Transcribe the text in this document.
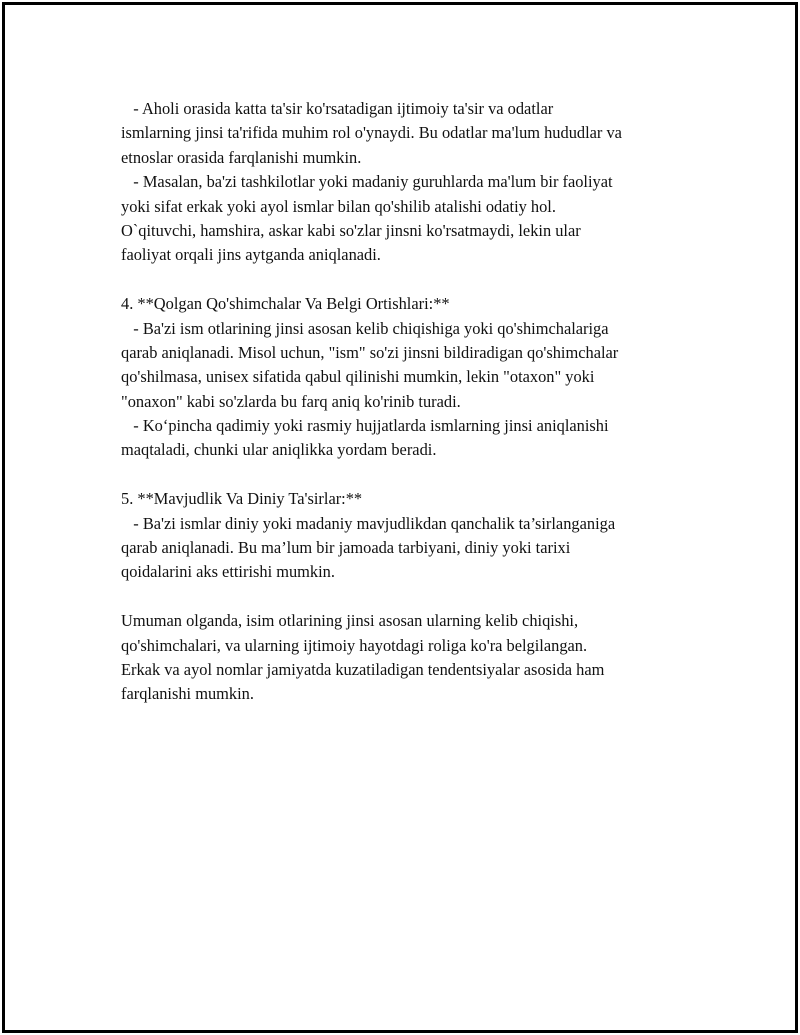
- Aholi orasida katta ta'sir ko'rsatadigan ijtimoiy ta'sir va odatlar
ismlarning jinsi ta'rifida muhim rol o'ynaydi. Bu odatlar ma'lum hududlar va
etnoslar orasida farqlanishi mumkin.
- Masalan, ba'zi tashkilotlar yoki madaniy guruhlarda ma'lum bir faoliyat
yoki sifat erkak yoki ayol ismlar bilan qo'shilib atalishi odatiy hol.
O`qituvchi, hamshira, askar kabi so'zlar jinsni ko'rsatmaydi, lekin ular
faoliyat orqali jins aytganda aniqlanadi.
4. **Qolgan Qo'shimchalar Va Belgi Ortishlari:**
- Ba'zi ism otlarining jinsi asosan kelib chiqishiga yoki qo'shimchalariga
qarab aniqlanadi. Misol uchun, "ism" so'zi jinsni bildiradigan qo'shimchalar
qo'shilmasa, unisex sifatida qabul qilinishi mumkin, lekin "otaxon" yoki
"onaxon" kabi so'zlarda bu farq aniq ko'rinib turadi.
- Ko‘pincha qadimiy yoki rasmiy hujjatlarda ismlarning jinsi aniqlanishi
maqtaladi, chunki ular aniqlikka yordam beradi.
5. **Mavjudlik Va Diniy Ta'sirlar:**
- Ba'zi ismlar diniy yoki madaniy mavjudlikdan qanchalik ta’sirlanganiga
qarab aniqlanadi. Bu ma’lum bir jamoada tarbiyani, diniy yoki tarixi
qoidalarini aks ettirishi mumkin.
Umuman olganda, isim otlarining jinsi asosan ularning kelib chiqishi,
qo'shimchalari, va ularning ijtimoiy hayotdagi roliga ko'ra belgilangan.
Erkak va ayol nomlar jamiyatda kuzatiladigan tendentsiyalar asosida ham
farqlanishi mumkin.
